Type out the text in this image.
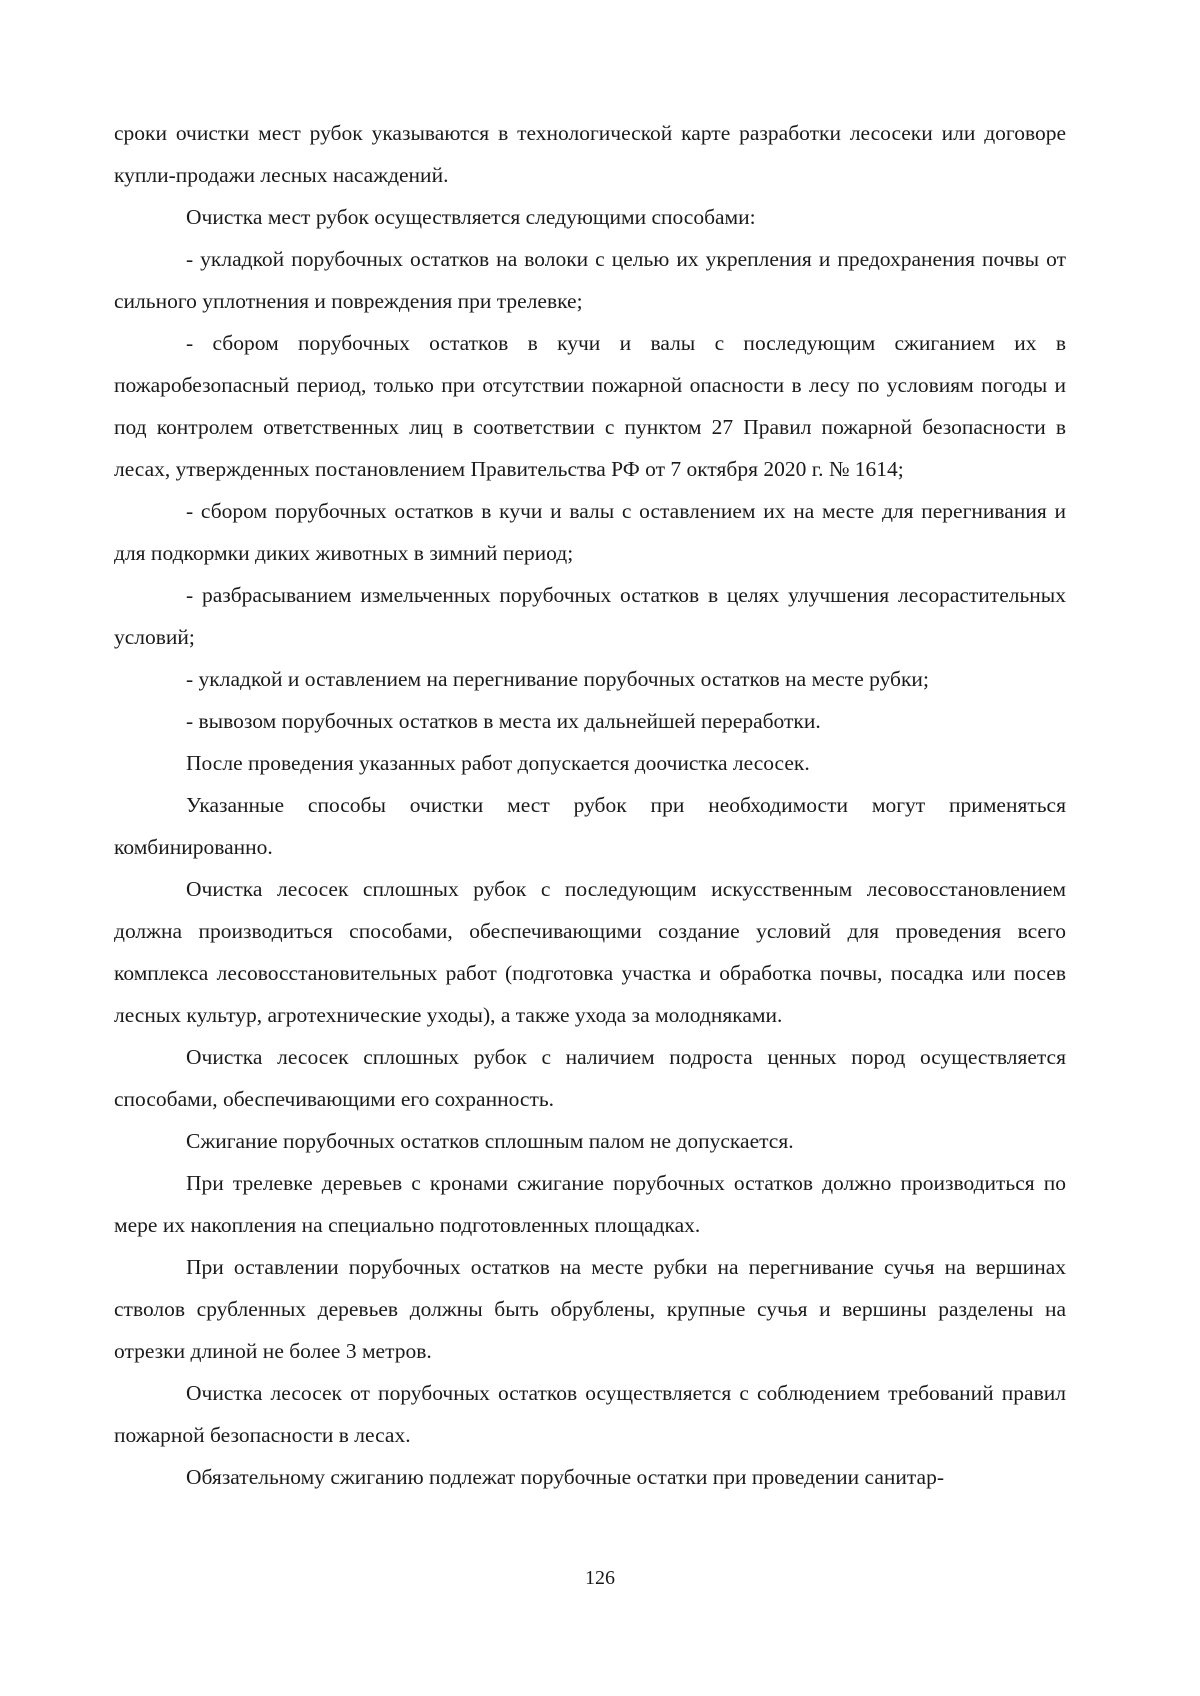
сроки очистки мест рубок указываются в технологической карте разработки лесосеки или договоре купли-продажи лесных насаждений.

Очистка мест рубок осуществляется следующими способами:

- укладкой порубочных остатков на волоки с целью их укрепления и предохранения почвы от сильного уплотнения и повреждения при трелевке;

- сбором порубочных остатков в кучи и валы с последующим сжиганием их в пожаробезопасный период, только при отсутствии пожарной опасности в лесу по условиям погоды и под контролем ответственных лиц в соответствии с пунктом 27 Правил пожарной безопасности в лесах, утвержденных постановлением Правительства РФ от 7 октября 2020 г. № 1614;

- сбором порубочных остатков в кучи и валы с оставлением их на месте для перегнивания и для подкормки диких животных в зимний период;

- разбрасыванием измельченных порубочных остатков в целях улучшения лесорастительных условий;

- укладкой и оставлением на перегнивание порубочных остатков на месте рубки;

- вывозом порубочных остатков в места их дальнейшей переработки.

После проведения указанных работ допускается доочистка лесосек.

Указанные способы очистки мест рубок при необходимости могут применяться комбинированно.

Очистка лесосек сплошных рубок с последующим искусственным лесовосстановлением должна производиться способами, обеспечивающими создание условий для проведения всего комплекса лесовосстановительных работ (подготовка участка и обработка почвы, посадка или посев лесных культур, агротехнические уходы), а также ухода за молодняками.

Очистка лесосек сплошных рубок с наличием подроста ценных пород осуществляется способами, обеспечивающими его сохранность.

Сжигание порубочных остатков сплошным палом не допускается.

При трелевке деревьев с кронами сжигание порубочных остатков должно производиться по мере их накопления на специально подготовленных площадках.

При оставлении порубочных остатков на месте рубки на перегнивание сучья на вершинах стволов срубленных деревьев должны быть обрублены, крупные сучья и вершины разделены на отрезки длиной не более 3 метров.

Очистка лесосек от порубочных остатков осуществляется с соблюдением требований правил пожарной безопасности в лесах.

Обязательному сжиганию подлежат порубочные остатки при проведении санитар-

126
